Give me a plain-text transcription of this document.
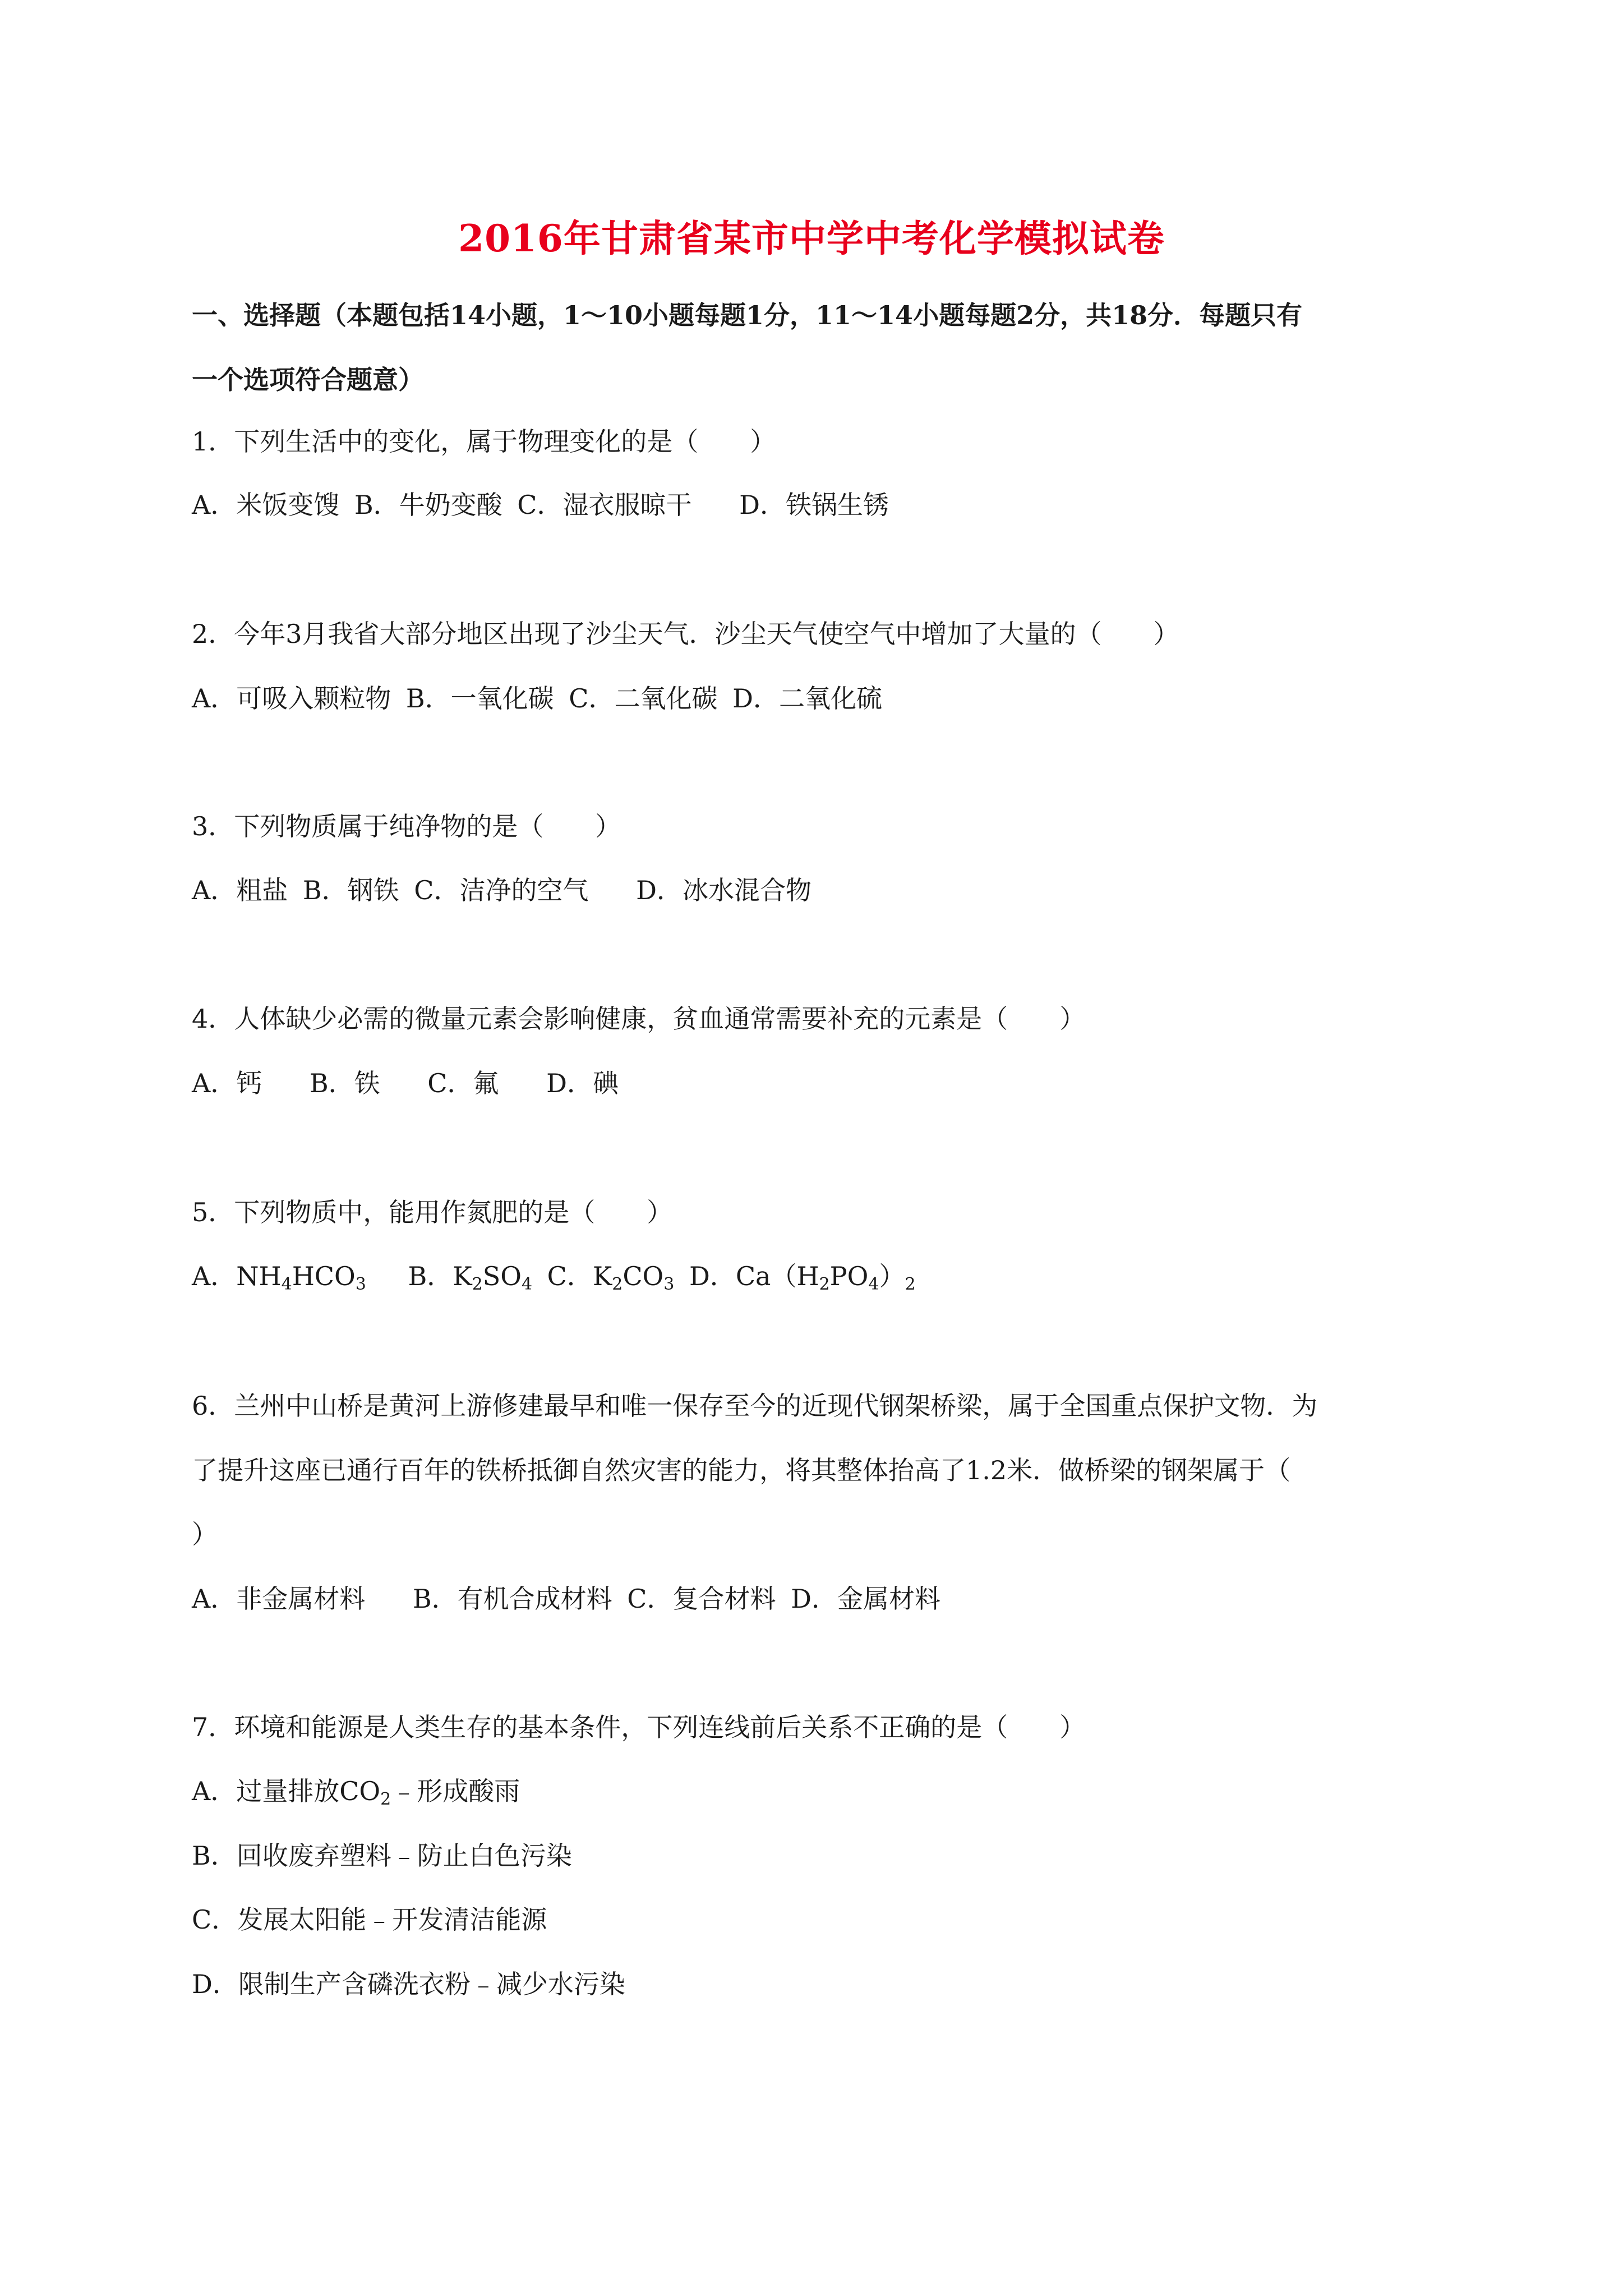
2016年甘肃省某市中学中考化学模拟试卷
一、选择题（本题包括14小题，1～10小题每题1分，11～14小题每题2分，共18分．每题只有
一个选项符合题意）
1．下列生活中的变化，属于物理变化的是（　　）
A．米饭变馊 B．牛奶变酸 C．湿衣服晾干 D．铁锅生锈
2．今年3月我省大部分地区出现了沙尘天气．沙尘天气使空气中增加了大量的（　　）
A．可吸入颗粒物 B．一氧化碳 C．二氧化碳 D．二氧化硫
3．下列物质属于纯净物的是（　　）
A．粗盐 B．钢铁 C．洁净的空气 D．冰水混合物
4．人体缺少必需的微量元素会影响健康，贫血通常需要补充的元素是（　　）
A．钙 B．铁 C．氟 D．碘
5．下列物质中，能用作氮肥的是（　　）
A．$NH_4HCO_3$ B．$K_2SO_4$ C．$K_2CO_3$ D．$Ca(H_2PO_4)_2$
6．兰州中山桥是黄河上游修建最早和唯一保存至今的近现代钢架桥梁，属于全国重点保护文物．为
了提升这座已通行百年的铁桥抵御自然灾害的能力，将其整体抬高了1.2米．做桥梁的钢架属于（
）
A．非金属材料 B．有机合成材料 C．复合材料 D．金属材料
7．环境和能源是人类生存的基本条件，下列连线前后关系不正确的是（　　）
A．过量排放$CO_2﹣$形成酸雨
B．回收废弃塑料﹣防止白色污染
C．发展太阳能﹣开发清洁能源
D．限制生产含磷洗衣粉﹣减少水污染
